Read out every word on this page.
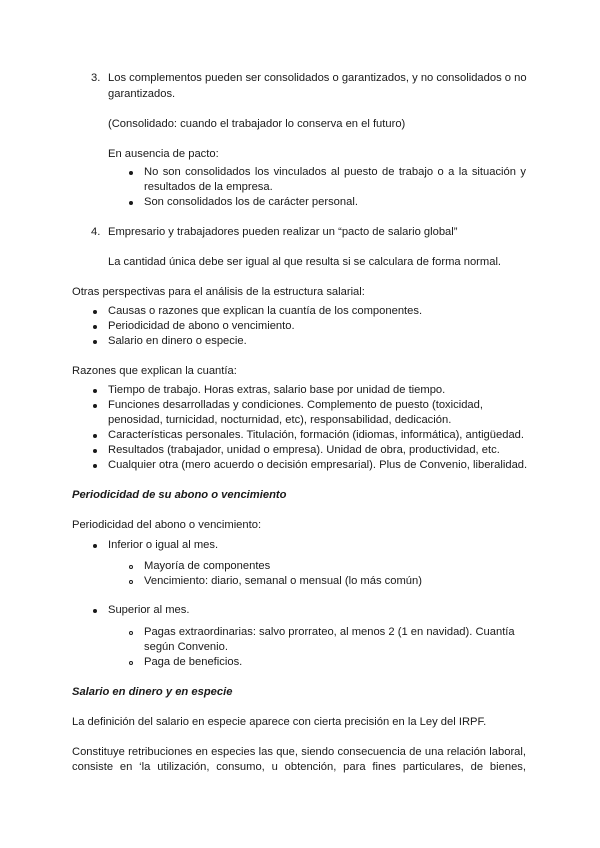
3. Los complementos pueden ser consolidados o garantizados, y no consolidados o no
garantizados.
(Consolidado: cuando el trabajador lo conserva en el futuro)
En ausencia de pacto:
No son consolidados los vinculados al puesto de trabajo o a la situación y
resultados de la empresa.
Son consolidados los de carácter personal.
4. Empresario y trabajadores pueden realizar un “pacto de salario global”
La cantidad única debe ser igual al que resulta si se calculara de forma normal.
Otras perspectivas para el análisis de la estructura salarial:
Causas o razones que explican la cuantía de los componentes.
Periodicidad de abono o vencimiento.
Salario en dinero o especie.
Razones que explican la cuantía:
Tiempo de trabajo. Horas extras, salario base por unidad de tiempo.
Funciones desarrolladas y condiciones. Complemento de puesto (toxicidad,
penosidad, turnicidad, nocturnidad, etc), responsabilidad, dedicación.
Características personales. Titulación, formación (idiomas, informática), antigüedad.
Resultados (trabajador, unidad o empresa). Unidad de obra, productividad, etc.
Cualquier otra (mero acuerdo o decisión empresarial). Plus de Convenio, liberalidad.
Periodicidad de su abono o vencimiento
Periodicidad del abono o vencimiento:
Inferior o igual al mes.
Mayoría de componentes
Vencimiento: diario, semanal o mensual (lo más común)
Superior al mes.
Pagas extraordinarias: salvo prorrateo, al menos 2 (1 en navidad). Cuantía
según Convenio.
Paga de beneficios.
Salario en dinero y en especie
La definición del salario en especie aparece con cierta precisión en la Ley del IRPF.
Constituye retribuciones en especies las que, siendo consecuencia de una relación laboral,
consiste en ‘la utilización, consumo, u obtención, para fines particulares, de bienes,
